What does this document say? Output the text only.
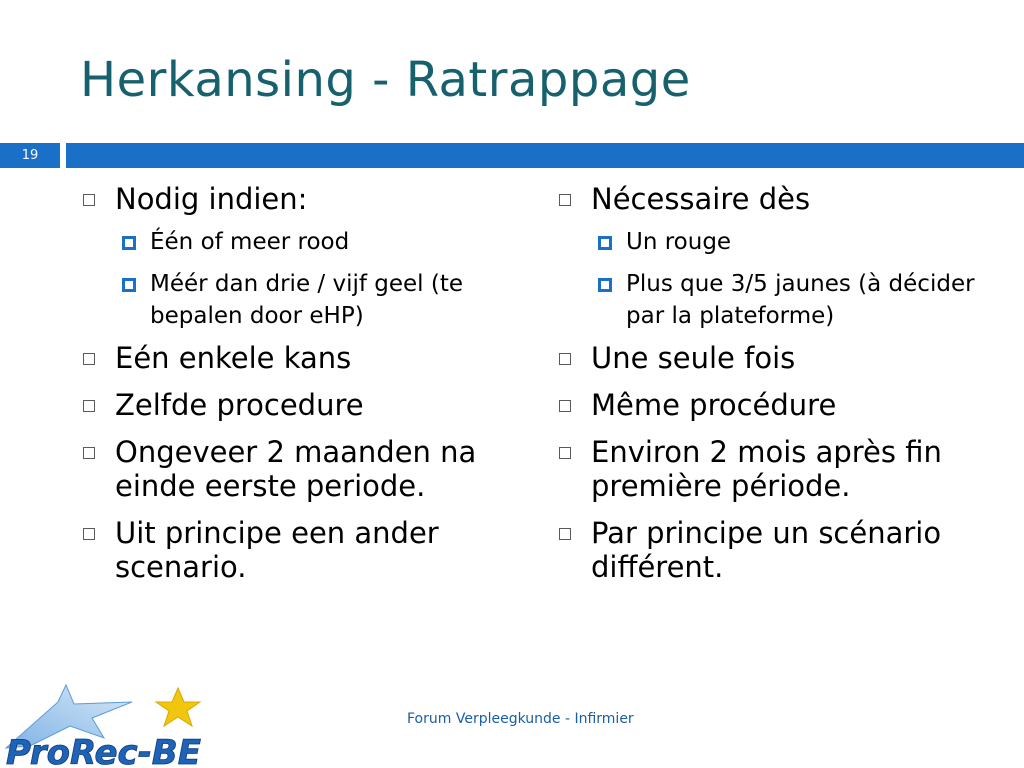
Herkansing - Ratrappage
19
Nodig indien:
Één of meer rood
Méér dan drie / vijf geel (te bepalen door eHP)
Eén enkele kans
Zelfde procedure
Ongeveer 2 maanden na einde eerste periode.
Uit principe een ander scenario.
Nécessaire dès
Un rouge
Plus que 3/5 jaunes (à décider par la plateforme)
Une seule fois
Même procédure
Environ 2 mois après fin première période.
Par principe un scénario différent.
Forum Verpleegkunde - Infirmier
ProRec-BE
